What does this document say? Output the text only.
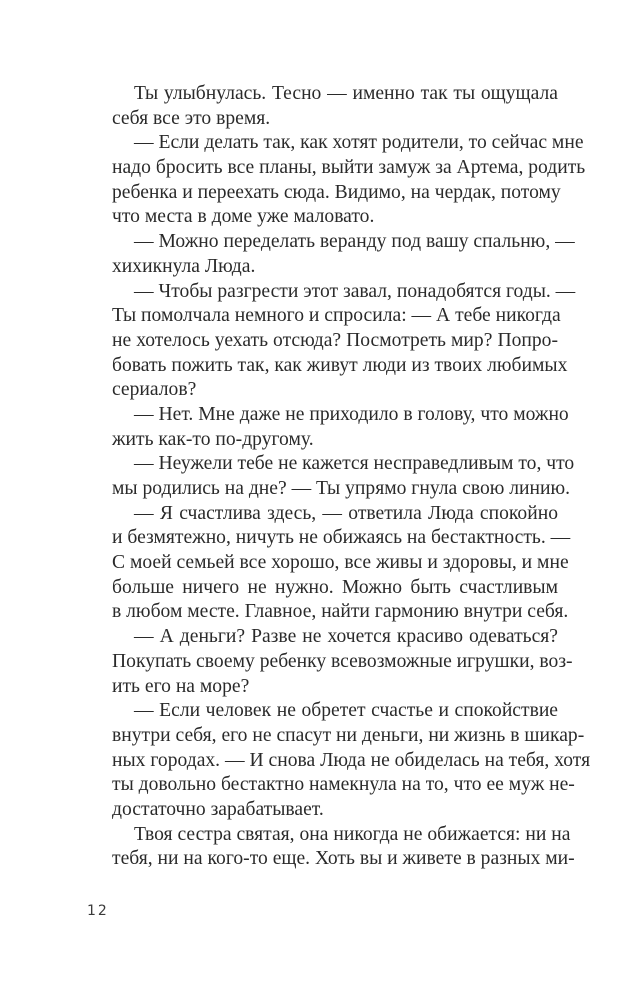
Ты улыбнулась. Тесно — именно так ты ощущала
себя все это время.
— Если делать так, как хотят родители, то сейчас мне
надо бросить все планы, выйти замуж за Артема, родить
ребенка и переехать сюда. Видимо, на чердак, потому
что места в доме уже маловато.
— Можно переделать веранду под вашу спальню, —
хихикнула Люда.
— Чтобы разгрести этот завал, понадобятся годы. —
Ты помолчала немного и спросила: — А тебе никогда
не хотелось уехать отсюда? Посмотреть мир? Попро-
бовать пожить так, как живут люди из твоих любимых
сериалов?
— Нет. Мне даже не приходило в голову, что можно
жить как-то по-другому.
— Неужели тебе не кажется несправедливым то, что
мы родились на дне? — Ты упрямо гнула свою линию.
— Я счастлива здесь, — ответила Люда спокойно
и безмятежно, ничуть не обижаясь на бестактность. —
С моей семьей все хорошо, все живы и здоровы, и мне
больше ничего не нужно. Можно быть счастливым
в любом месте. Главное, найти гармонию внутри себя.
— А деньги? Разве не хочется красиво одеваться?
Покупать своему ребенку всевозможные игрушки, воз-
ить его на море?
— Если человек не обретет счастье и спокойствие
внутри себя, его не спасут ни деньги, ни жизнь в шикар-
ных городах. — И снова Люда не обиделась на тебя, хотя
ты довольно бестактно намекнула на то, что ее муж не-
достаточно зарабатывает.
Твоя сестра святая, она никогда не обижается: ни на
тебя, ни на кого-то еще. Хоть вы и живете в разных ми-
12
